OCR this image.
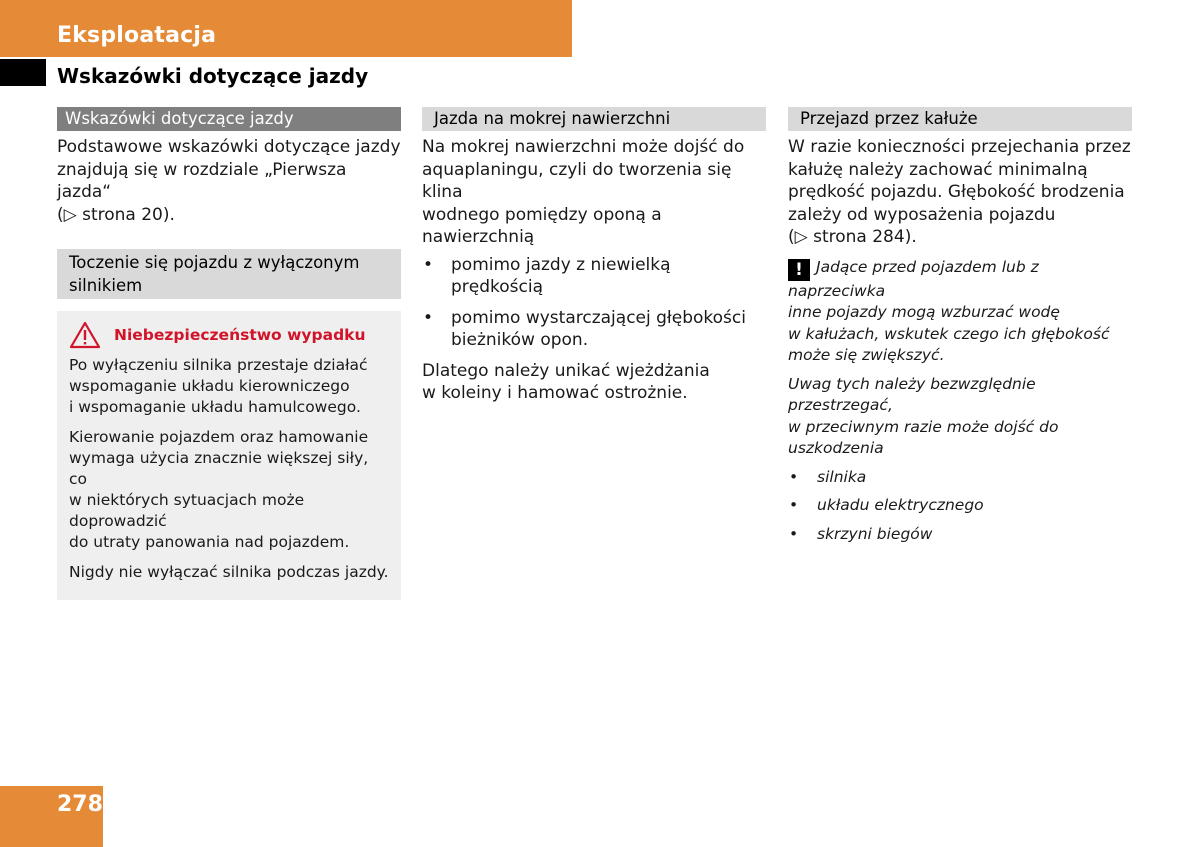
Eksploatacja
Wskazówki dotyczące jazdy
Wskazówki dotyczące jazdy
Podstawowe wskazówki dotyczące jazdy
znajdują się w rozdziale „Pierwsza jazda“
(▷ strona 20).
Toczenie się pojazdu z wyłączonym silnikiem
Niebezpieczeństwo wypadku

Po wyłączeniu silnika przestaje działać
wspomaganie układu kierowniczego
i wspomaganie układu hamulcowego.

Kierowanie pojazdem oraz hamowanie
wymaga użycia znacznie większej siły, co
w niektórych sytuacjach może doprowadzić
do utraty panowania nad pojazdem.

Nigdy nie wyłączać silnika podczas jazdy.

Jazda na mokrej nawierzchni
Na mokrej nawierzchni może dojść do
aquaplaningu, czyli do tworzenia się klina
wodnego pomiędzy oponą a nawierzchnią
• pomimo jazdy z niewielką prędkością
• pomimo wystarczającej głębokości
bieżników opon.
Dlatego należy unikać wjeżdżania
w koleiny i hamować ostrożnie.
Przejazd przez kałuże
W razie konieczności przejechania przez
kałużę należy zachować minimalną
prędkość pojazdu. Głębokość brodzenia
zależy od wyposażenia pojazdu
(▷ strona 284).
! Jadące przed pojazdem lub z naprzeciwka
inne pojazdy mogą wzburzać wodę
w kałużach, wskutek czego ich głębokość
może się zwiększyć.
Uwag tych należy bezwzględnie przestrzegać,
w przeciwnym razie może dojść do
uszkodzenia
• silnika
• układu elektrycznego
• skrzyni biegów
278
